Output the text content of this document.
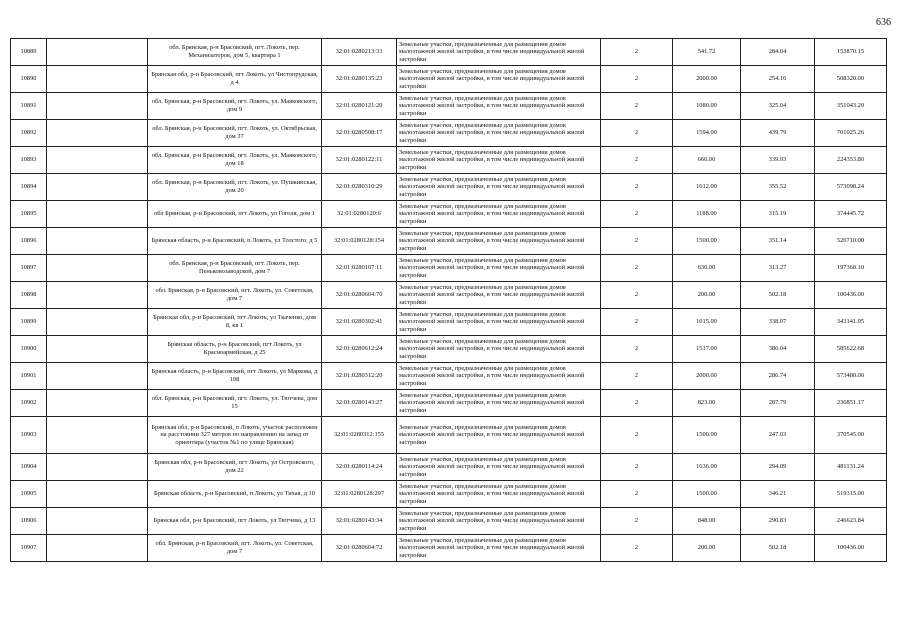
636
10889		обл. Брянская, р-н Брасовский, пгт. Локоть, пер. Механизаторов, дом 5, квартира 1	32:01:0280213:33	Земельные участки, предназначенные для размещения домов малоэтажной жилой застройки, в том числе индивидуальной жилой застройки	2	541.72	284.04	153870.15
10890		Брянская обл, р-н Брасовский, пгт Локоть, ул Чистопрудская, д 4	32:01:0280135:23	Земельные участки, предназначенные для размещения домов малоэтажной жилой застройки, в том числе индивидуальной жилой застройки	2	2000.00	254.16	508320.00
10891		обл. Брянская, р-н Брасовский, пгт. Локоть, ул. Маяковского, дом 9	32:01:0280121:20	Земельные участки, предназначенные для размещения домов малоэтажной жилой застройки, в том числе индивидуальной жилой застройки	2	1080.00	325.04	351043.20
10892		обл. Брянская, р-н Брасовский, пгт. Локоть, ул. Октябрьская, дом 37	32:01:0280508:17	Земельные участки, предназначенные для размещения домов малоэтажной жилой застройки, в том числе индивидуальной жилой застройки	2	1594.00	439.79	701025.26
10893		обл. Брянская, р-н Брасовский, пгт. Локоть, ул. Маяковского, дом 18	32:01:0280122:11	Земельные участки, предназначенные для размещения домов малоэтажной жилой застройки, в том числе индивидуальной жилой застройки	2	660.00	339.93	224353.80
10894		обл. Брянская, р-н Брасовский, пгт. Локоть, ул. Пушкинская, дом 20	32:01:0280310:29	Земельные участки, предназначенные для размещения домов малоэтажной жилой застройки, в том числе индивидуальной жилой застройки	2	1612.00	355.52	573098.24
10895		обл Брянская, р-н Брасовский, пгт Локоть, ул Гоголя, дом 1	32:01:0280120:6	Земельные участки, предназначенные для размещения домов малоэтажной жилой застройки, в том числе индивидуальной жилой застройки	2	1188.00	315.19	374445.72
10896		Брянская область, р-н Брасовский, п Локоть, ул Толстого, д 5	32:01:0280128:154	Земельные участки, предназначенные для размещения домов малоэтажной жилой застройки, в том числе индивидуальной жилой застройки	2	1500.00	351.14	526710.00
10897		обл. Брянская, р-н Брасовский, пгт. Локоть, пер. Пеньковозаводской, дом 7	32:01:0280107:11	Земельные участки, предназначенные для размещения домов малоэтажной жилой застройки, в том числе индивидуальной жилой застройки	2	630.00	313.27	197360.10
10898		обл. Брянская, р-н Брасовский, пгт. Локоть, ул. Советская, дом 7	32:01:0280604:70	Земельные участки, предназначенные для размещения домов малоэтажной жилой застройки, в том числе индивидуальной жилой застройки	2	200.00	502.18	100436.00
10899		Брянская обл, р-н Брасовский, пгт Локоть, ул Ткаченко, дом 8, кв 1	32:01:0280302:41	Земельные участки, предназначенные для размещения домов малоэтажной жилой застройки, в том числе индивидуальной жилой застройки	2	1015.00	338.07	343141.05
10900		Брянская область, р-н Брасовский, пгт Локоть, ул Красноармейская, д 25	32:01:0280612:24	Земельные участки, предназначенные для размещения домов малоэтажной жилой застройки, в том числе индивидуальной жилой застройки	2	1517.00	386.04	585622.68
10901		Брянская область, р-н Брасовский, пгт Локоть, ул Маркова, д 108	32:01:0280312:20	Земельные участки, предназначенные для размещения домов малоэтажной жилой застройки, в том числе индивидуальной жилой застройки	2	2000.00	286.74	573480.00
10902		обл. Брянская, р-н Брасовский, пгт. Локоть, ул. Тютчева, дом 15	32:01:0280143:27	Земельные участки, предназначенные для размещения домов малоэтажной жилой застройки, в том числе индивидуальной жилой застройки	2	823.00	287.79	236851.17
10903		Брянская обл, р-н Брасовский, п Локоть, участок расположен на расстоянии 327 метров по направлению на запад от ориентира (участок №1 по улице Брянская)	32:01:0280312:155	Земельные участки, предназначенные для размещения домов малоэтажной жилой застройки, в том числе индивидуальной жилой застройки	2	1500.00	247.03	370545.00
10904		Брянская обл, р-н Брасовский, пгт Локоть, ул Островского, дом 22	32:01:0280114:24	Земельные участки, предназначенные для размещения домов малоэтажной жилой застройки, в том числе индивидуальной жилой застройки	2	1636.00	294.09	481131.24
10905		Брянская область, р-н Брасовский, п Локоть, ул Тихая, д 10	32:01:0280128:297	Земельные участки, предназначенные для размещения домов малоэтажной жилой застройки, в том числе индивидуальной жилой застройки	2	1500.00	346.21	519315.00
10906		Брянская обл, р-н Брасовский, пгт Локоть, ул Тютчева, д 13	32:01:0280143:34	Земельные участки, предназначенные для размещения домов малоэтажной жилой застройки, в том числе индивидуальной жилой застройки	2	848.00	290.83	246623.84
10907		обл. Брянская, р-н Брасовский, пгт. Локоть, ул. Советская, дом 7	32:01:0280604:72	Земельные участки, предназначенные для размещения домов малоэтажной жилой застройки, в том числе индивидуальной жилой застройки	2	200.00	502.18	100436.00
